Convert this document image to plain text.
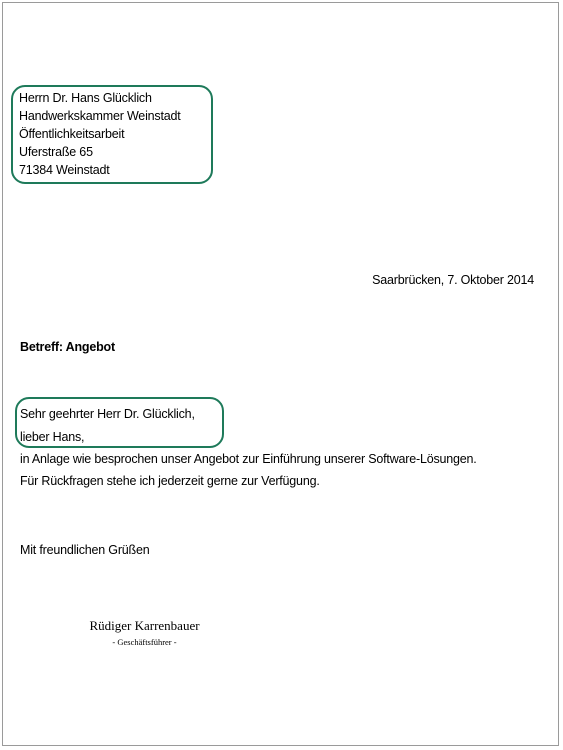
Herrn Dr. Hans Glücklich
Handwerkskammer Weinstadt
Öffentlichkeitsarbeit
Uferstraße 65
71384 Weinstadt
Saarbrücken, 7. Oktober 2014
Betreff: Angebot
Sehr geehrter Herr Dr. Glücklich,
lieber Hans,
in Anlage wie besprochen unser Angebot zur Einführung unserer Software-Lösungen.
Für Rückfragen stehe ich jederzeit gerne zur Verfügung.
Mit freundlichen Grüßen
Rüdiger Karrenbauer
- Geschäftsführer -
